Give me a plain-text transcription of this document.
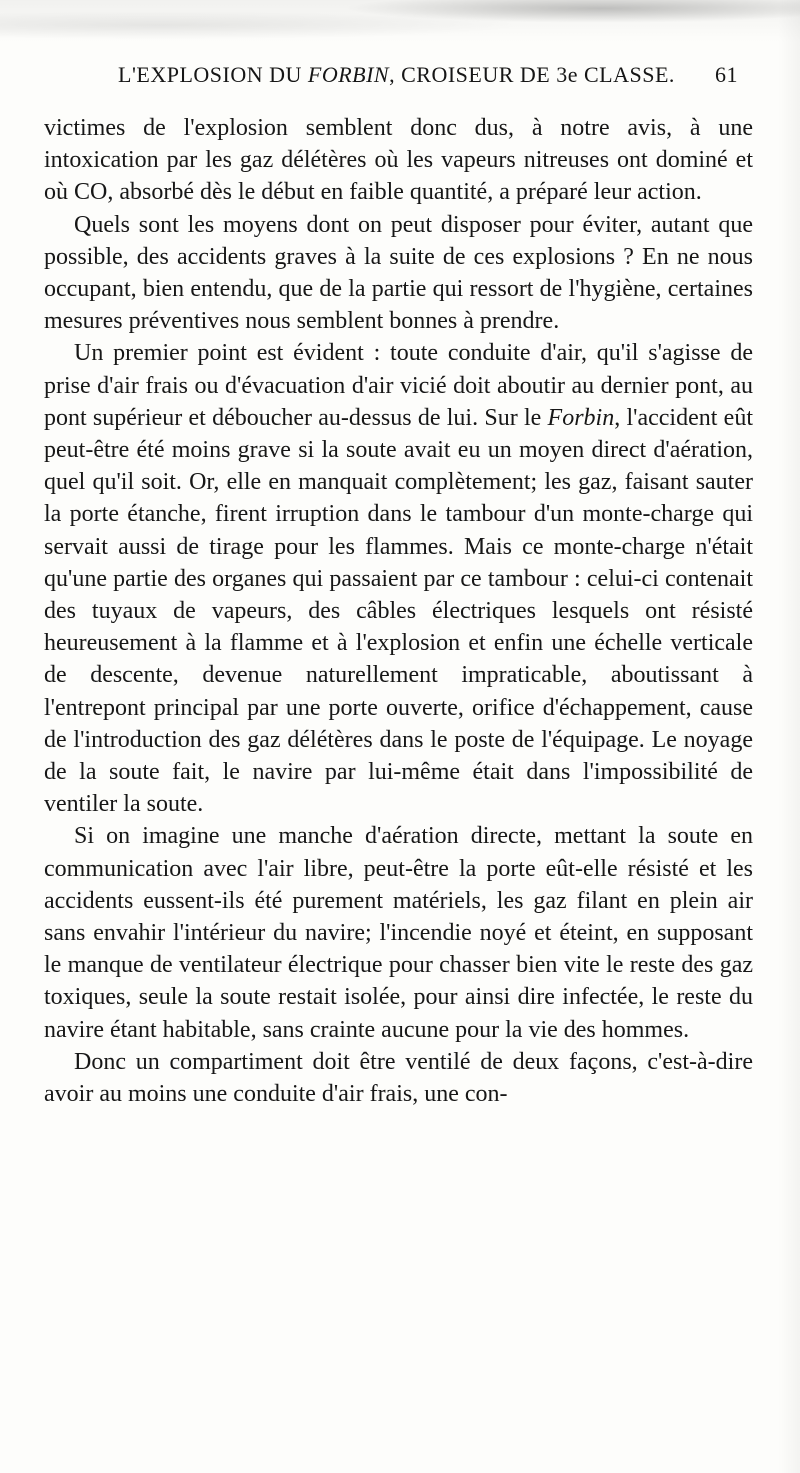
L'EXPLOSION DU FORBIN, CROISEUR DE 3e CLASSE. 61

victimes de l'explosion semblent donc dus, à notre avis, à une intoxication par les gaz délétères où les vapeurs nitreuses ont dominé et où CO, absorbé dès le début en faible quantité, a préparé leur action.

Quels sont les moyens dont on peut disposer pour éviter, autant que possible, des accidents graves à la suite de ces explosions ? En ne nous occupant, bien entendu, que de la partie qui ressort de l'hygiène, certaines mesures préventives nous semblent bonnes à prendre.

Un premier point est évident : toute conduite d'air, qu'il s'agisse de prise d'air frais ou d'évacuation d'air vicié doit aboutir au dernier pont, au pont supérieur et déboucher au-dessus de lui. Sur le Forbin, l'accident eût peut-être été moins grave si la soute avait eu un moyen direct d'aération, quel qu'il soit. Or, elle en manquait complètement; les gaz, faisant sauter la porte étanche, firent irruption dans le tambour d'un monte-charge qui servait aussi de tirage pour les flammes. Mais ce monte-charge n'était qu'une partie des organes qui passaient par ce tambour : celui-ci contenait des tuyaux de vapeurs, des câbles électriques lesquels ont résisté heureusement à la flamme et à l'explosion et enfin une échelle verticale de descente, devenue naturellement impraticable, aboutissant à l'entrepont principal par une porte ouverte, orifice d'échappement, cause de l'introduction des gaz délétères dans le poste de l'équipage. Le noyage de la soute fait, le navire par lui-même était dans l'impossibilité de ventiler la soute.

Si on imagine une manche d'aération directe, mettant la soute en communication avec l'air libre, peut-être la porte eût-elle résisté et les accidents eussent-ils été purement matériels, les gaz filant en plein air sans envahir l'intérieur du navire; l'incendie noyé et éteint, en supposant le manque de ventilateur électrique pour chasser bien vite le reste des gaz toxiques, seule la soute restait isolée, pour ainsi dire infectée, le reste du navire étant habitable, sans crainte aucune pour la vie des hommes.

Donc un compartiment doit être ventilé de deux façons, c'est-à-dire avoir au moins une conduite d'air frais, une con-
